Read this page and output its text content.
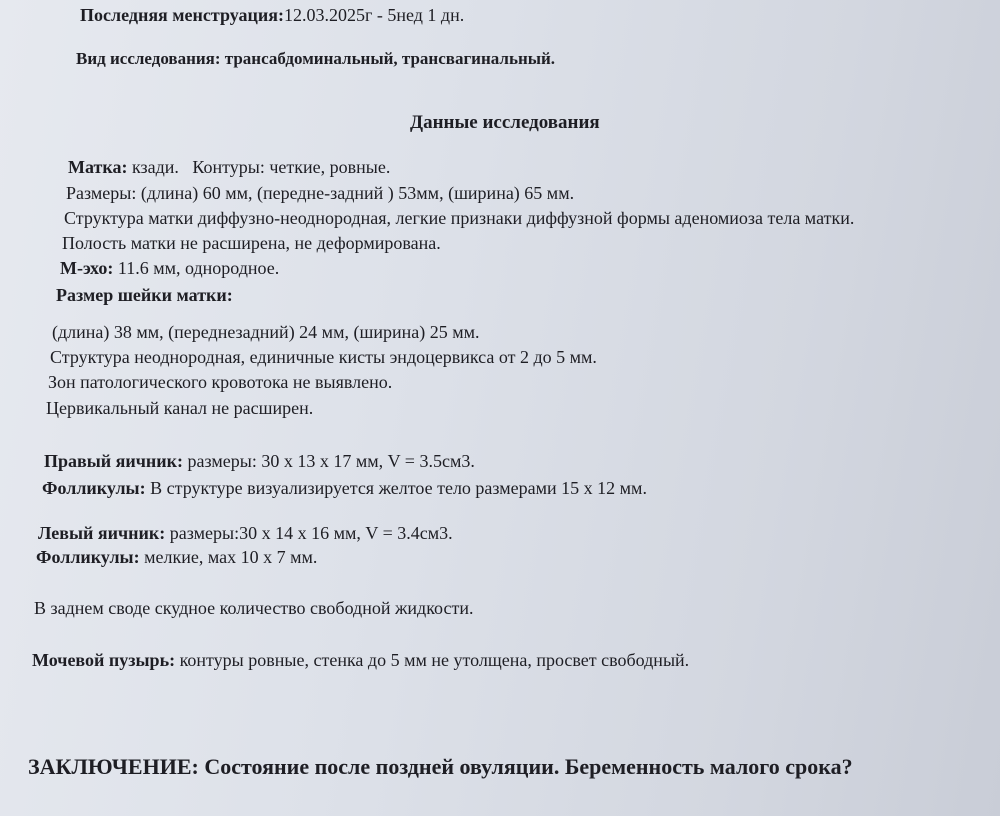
Последняя менструация:12.03.2025г - 5нед 1 дн.
Вид исследования: трансабдоминальный, трансвагинальный.
Данные исследования
Матка: кзади. Контуры: четкие, ровные.
Размеры: (длина) 60 мм, (передне-задний ) 53мм, (ширина) 65 мм.
Структура матки диффузно-неоднородная, легкие признаки диффузной формы аденомиоза тела матки.
Полость матки не расширена, не деформирована.
М-эхо: 11.6 мм, однородное.
Размер шейки матки:
(длина) 38 мм, (переднезадний) 24 мм, (ширина) 25 мм.
Структура неоднородная, единичные кисты эндоцервикса от 2 до 5 мм.
Зон патологического кровотока не выявлено.
Цервикальный канал не расширен.
Правый яичник: размеры: 30 x 13 x 17 мм, V = 3.5см3.
Фолликулы: В структуре визуализируется желтое тело размерами 15 x 12 мм.
Левый яичник: размеры:30 x 14 x 16 мм, V = 3.4см3.
Фолликулы: мелкие, мах 10 x 7 мм.
В заднем своде скудное количество свободной жидкости.
Мочевой пузырь: контуры ровные, стенка до 5 мм не утолщена, просвет свободный.
ЗАКЛЮЧЕНИЕ: Состояние после поздней овуляции. Беременность малого срока?
